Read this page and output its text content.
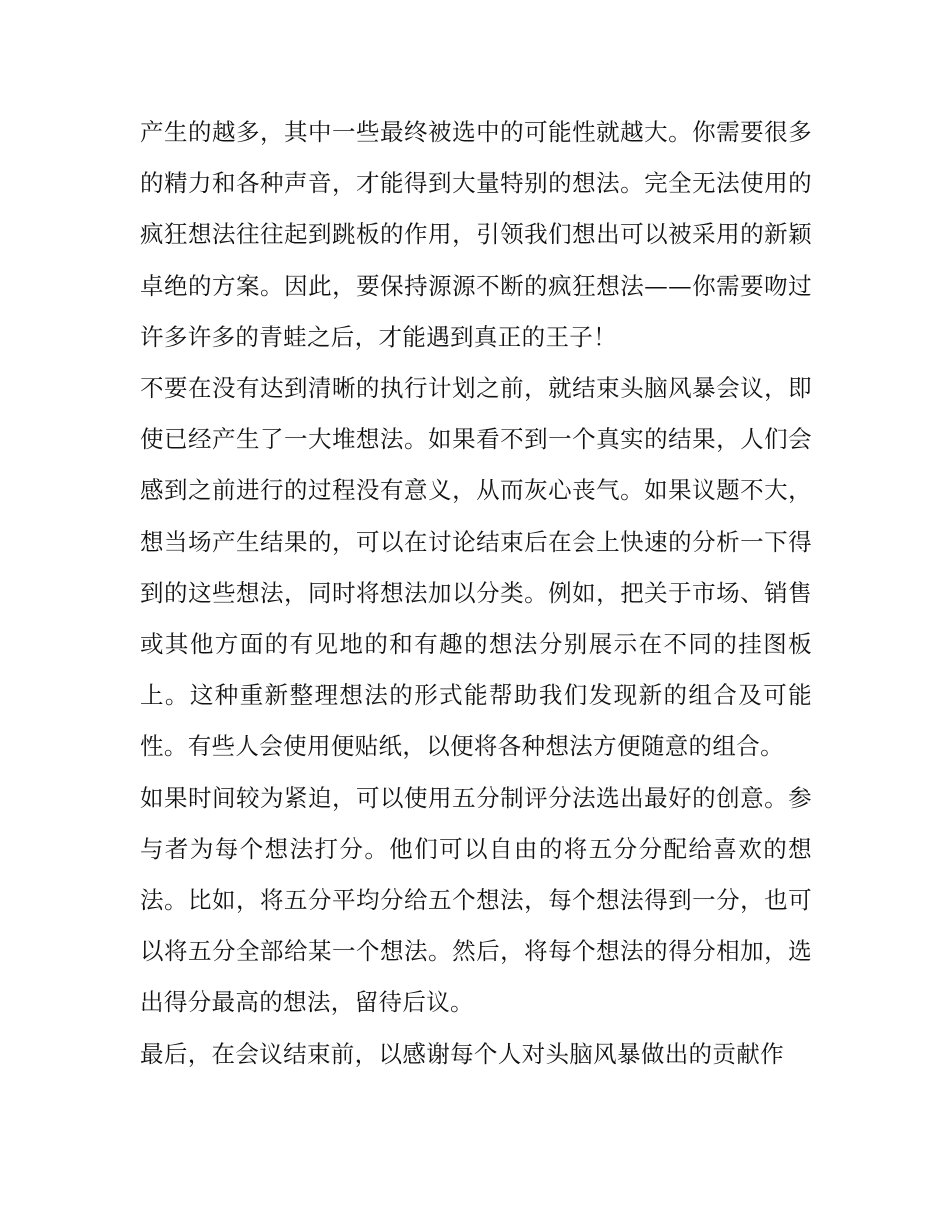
产生的越多，其中一些最终被选中的可能性就越大。你需要很多的精力和各种声音，才能得到大量特别的想法。完全无法使用的疯狂想法往往起到跳板的作用，引领我们想出可以被采用的新颖卓绝的方案。因此，要保持源源不断的疯狂想法——你需要吻过许多许多的青蛙之后，才能遇到真正的王子！

不要在没有达到清晰的执行计划之前，就结束头脑风暴会议，即使已经产生了一大堆想法。如果看不到一个真实的结果，人们会感到之前进行的过程没有意义，从而灰心丧气。如果议题不大，想当场产生结果的，可以在讨论结束后在会上快速的分析一下得到的这些想法，同时将想法加以分类。例如，把关于市场、销售或其他方面的有见地的和有趣的想法分别展示在不同的挂图板上。这种重新整理想法的形式能帮助我们发现新的组合及可能性。有些人会使用便贴纸，以便将各种想法方便随意的组合。

如果时间较为紧迫，可以使用五分制评分法选出最好的创意。参与者为每个想法打分。他们可以自由的将五分分配给喜欢的想法。比如，将五分平均分给五个想法，每个想法得到一分，也可以将五分全部给某一个想法。然后，将每个想法的得分相加，选出得分最高的想法，留待后议。

最后，在会议结束前，以感谢每个人对头脑风暴做出的贡献作
